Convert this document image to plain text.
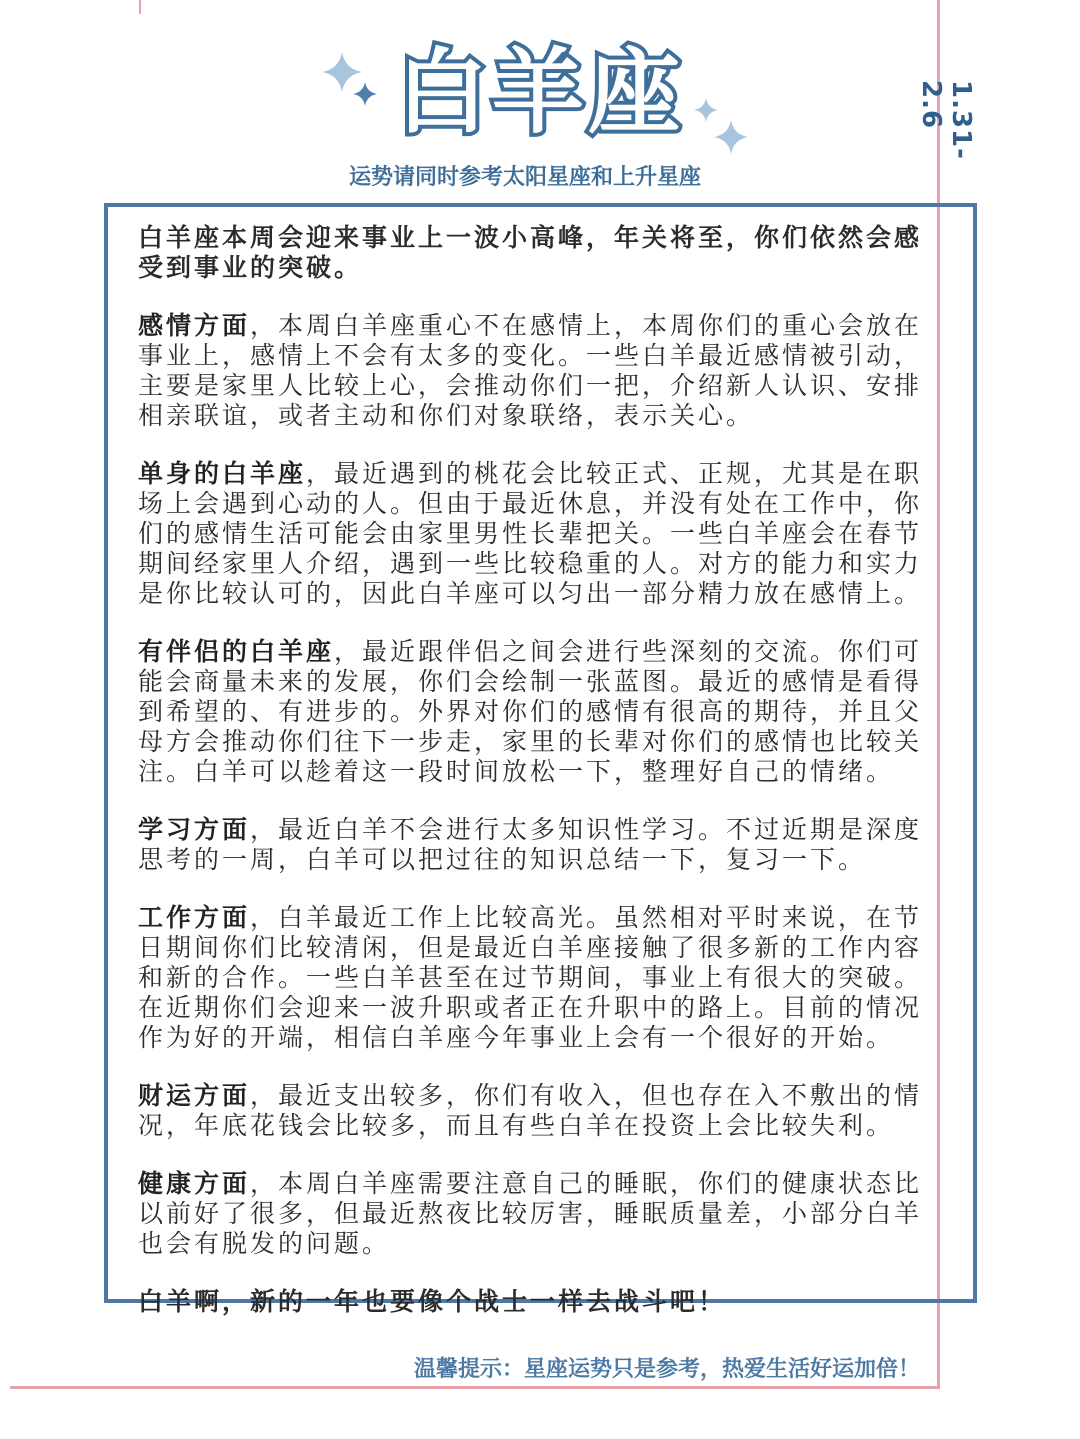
1.31-2.6
白羊座
运势请同时参考太阳星座和上升星座

白羊座本周会迎来事业上一波小高峰，年关将至，你们依然会感受到事业的突破。

感情方面，本周白羊座重心不在感情上，本周你们的重心会放在事业上，感情上不会有太多的变化。一些白羊最近感情被引动，主要是家里人比较上心，会推动你们一把，介绍新人认识、安排相亲联谊，或者主动和你们对象联络，表示关心。

单身的白羊座，最近遇到的桃花会比较正式、正规，尤其是在职场上会遇到心动的人。但由于最近休息，并没有处在工作中，你们的感情生活可能会由家里男性长辈把关。一些白羊座会在春节期间经家里人介绍，遇到一些比较稳重的人。对方的能力和实力是你比较认可的，因此白羊座可以匀出一部分精力放在感情上。

有伴侣的白羊座，最近跟伴侣之间会进行些深刻的交流。你们可能会商量未来的发展，你们会绘制一张蓝图。最近的感情是看得到希望的、有进步的。外界对你们的感情有很高的期待，并且父母方会推动你们往下一步走，家里的长辈对你们的感情也比较关注。白羊可以趁着这一段时间放松一下，整理好自己的情绪。

学习方面，最近白羊不会进行太多知识性学习。不过近期是深度思考的一周，白羊可以把过往的知识总结一下，复习一下。

工作方面，白羊最近工作上比较高光。虽然相对平时来说，在节日期间你们比较清闲，但是最近白羊座接触了很多新的工作内容和新的合作。一些白羊甚至在过节期间，事业上有很大的突破。在近期你们会迎来一波升职或者正在升职中的路上。目前的情况作为好的开端，相信白羊座今年事业上会有一个很好的开始。

财运方面，最近支出较多，你们有收入，但也存在入不敷出的情况，年底花钱会比较多，而且有些白羊在投资上会比较失利。

健康方面，本周白羊座需要注意自己的睡眠，你们的健康状态比以前好了很多，但最近熬夜比较厉害，睡眠质量差，小部分白羊也会有脱发的问题。

白羊啊，新的一年也要像个战士一样去战斗吧！

温馨提示：星座运势只是参考，热爱生活好运加倍！
